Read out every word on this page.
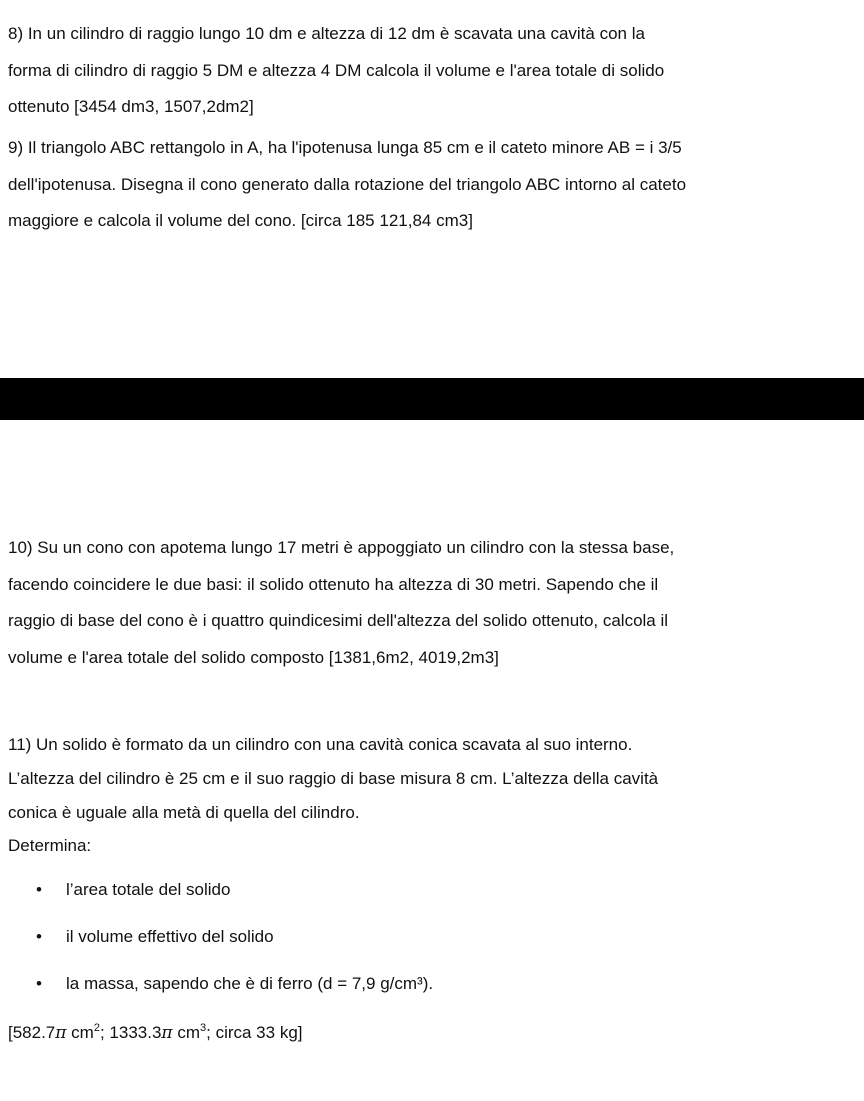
8) In un cilindro di raggio lungo 10 dm e altezza di 12 dm è scavata una cavità con la
forma di cilindro di raggio 5 DM e altezza 4 DM calcola il volume e l'area totale di solido
ottenuto [3454 dm3, 1507,2dm2]
9) Il triangolo ABC rettangolo in A, ha l'ipotenusa lunga 85 cm e il cateto minore AB = i 3/5
dell'ipotenusa. Disegna il cono generato dalla rotazione del triangolo ABC intorno al cateto
maggiore e calcola il volume del cono. [circa 185 121,84 cm3]
10) Su un cono con apotema lungo 17 metri è appoggiato un cilindro con la stessa base,
facendo coincidere le due basi: il solido ottenuto ha altezza di 30 metri. Sapendo che il
raggio di base del cono è i quattro quindicesimi dell'altezza del solido ottenuto, calcola il
volume e l'area totale del solido composto [1381,6m2, 4019,2m3]
11) Un solido è formato da un cilindro con una cavità conica scavata al suo interno.
L’altezza del cilindro è 25 cm e il suo raggio di base misura 8 cm. L’altezza della cavità
conica è uguale alla metà di quella del cilindro.
Determina:
• l’area totale del solido
• il volume effettivo del solido
• la massa, sapendo che è di ferro (d = 7,9 g/cm³).
[582.7π $cm^2$; 1333.3π $cm^3$; circa 33 kg]
